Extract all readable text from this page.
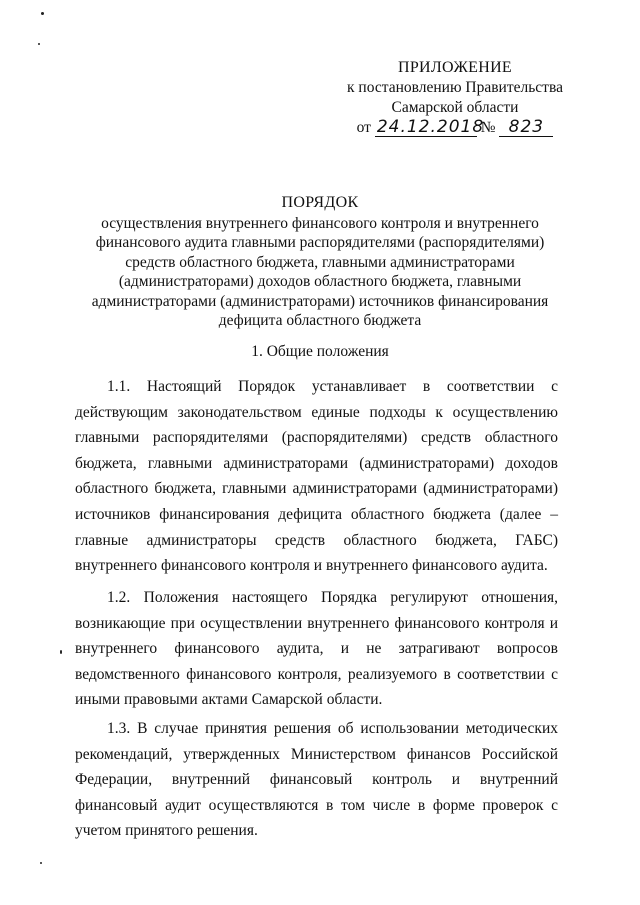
ПРИЛОЖЕНИЕ
к постановлению Правительства
Самарской области
от 24.12.2018 № 823
ПОРЯДОК
осуществления внутреннего финансового контроля и внутреннего
финансового аудита главными распорядителями (распорядителями)
средств областного бюджета, главными администраторами
(администраторами) доходов областного бюджета, главными
администраторами (администраторами) источников финансирования
дефицита областного бюджета
1. Общие положения

1.1. Настоящий Порядок устанавливает в соответствии с действующим законодательством единые подходы к осуществлению главными распорядителями (распорядителями) средств областного бюджета, главными администраторами (администраторами) доходов областного бюджета, главными администраторами (администраторами) источников финансирования дефицита областного бюджета (далее – главные администраторы средств областного бюджета, ГАБС) внутреннего финансового контроля и внутреннего финансового аудита.

1.2. Положения настоящего Порядка регулируют отношения, возникающие при осуществлении внутреннего финансового контроля и внутреннего финансового аудита, и не затрагивают вопросов ведомственного финансового контроля, реализуемого в соответствии с иными правовыми актами Самарской области.

1.3. В случае принятия решения об использовании методических рекомендаций, утвержденных Министерством финансов Российской Федерации, внутренний финансовый контроль и внутренний финансовый аудит осуществляются в том числе в форме проверок с учетом принятого решения.
